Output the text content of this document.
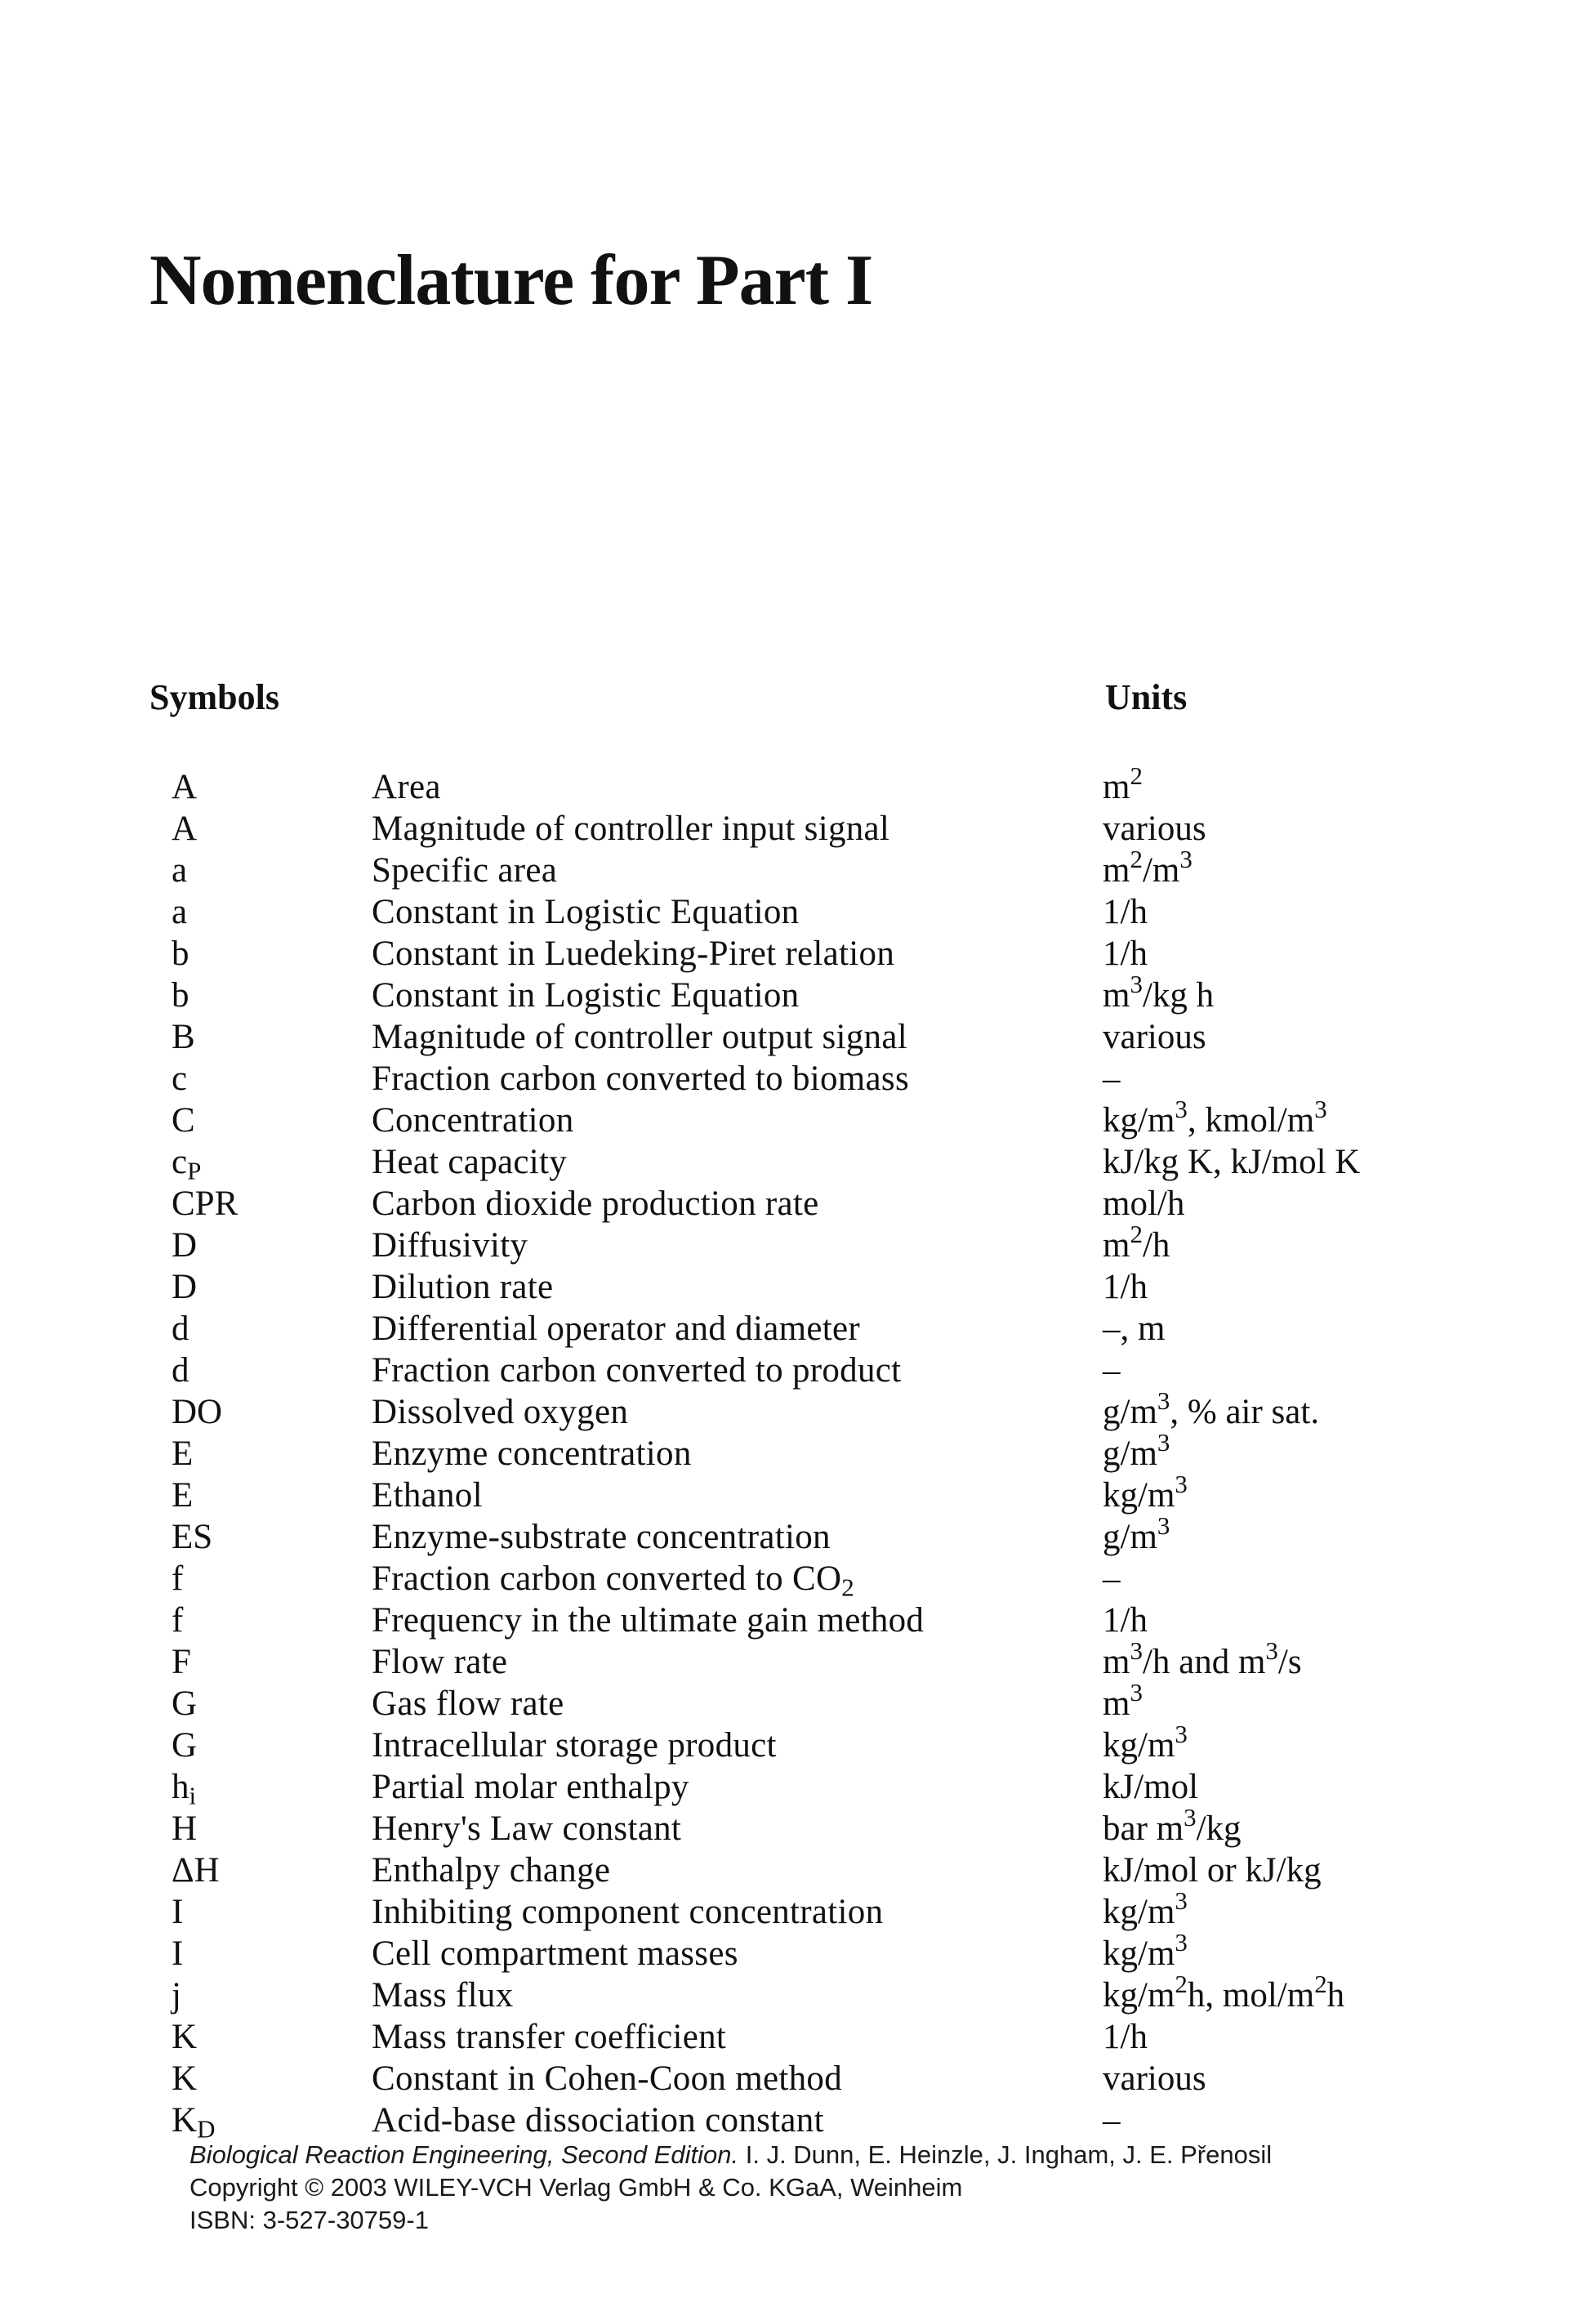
Nomenclature for Part I
Symbols	Units
A	Area	$m^2$
A	Magnitude of controller input signal	various
a	Specific area	$m^2/m^3$
a	Constant in Logistic Equation	1/h
b	Constant in Luedeking-Piret relation	1/h
b	Constant in Logistic Equation	$m^3/kg$ h
B	Magnitude of controller output signal	various
c	Fraction carbon converted to biomass	–
C	Concentration	$kg/m^3$, kmol/$m^3$
$c_P$	Heat capacity	kJ/kg K, kJ/mol K
CPR	Carbon dioxide production rate	mol/h
D	Diffusivity	$m^2/h$
D	Dilution rate	1/h
d	Differential operator and diameter	–, m
d	Fraction carbon converted to product	–
DO	Dissolved oxygen	$g/m^3$, % air sat.
E	Enzyme concentration	$g/m^3$
E	Ethanol	$kg/m^3$
ES	Enzyme-substrate concentration	$g/m^3$
f	Fraction carbon converted to $CO_2$	–
f	Frequency in the ultimate gain method	1/h
F	Flow rate	$m^3/h$ and $m^3/s$
G	Gas flow rate	$m^3$
G	Intracellular storage product	$kg/m^3$
$h_i$	Partial molar enthalpy	kJ/mol
H	Henry's Law constant	bar $m^3/kg$
ΔH	Enthalpy change	kJ/mol or kJ/kg
I	Inhibiting component concentration	$kg/m^3$
I	Cell compartment masses	$kg/m^3$
j	Mass flux	$kg/m^2h$, mol/$m^2h$
K	Mass transfer coefficient	1/h
K	Constant in Cohen-Coon method	various
$K_D$	Acid-base dissociation constant	–
Biological Reaction Engineering, Second Edition. I. J. Dunn, E. Heinzle, J. Ingham, J. E. Přenosil
Copyright © 2003 WILEY-VCH Verlag GmbH & Co. KGaA, Weinheim
ISBN: 3-527-30759-1
